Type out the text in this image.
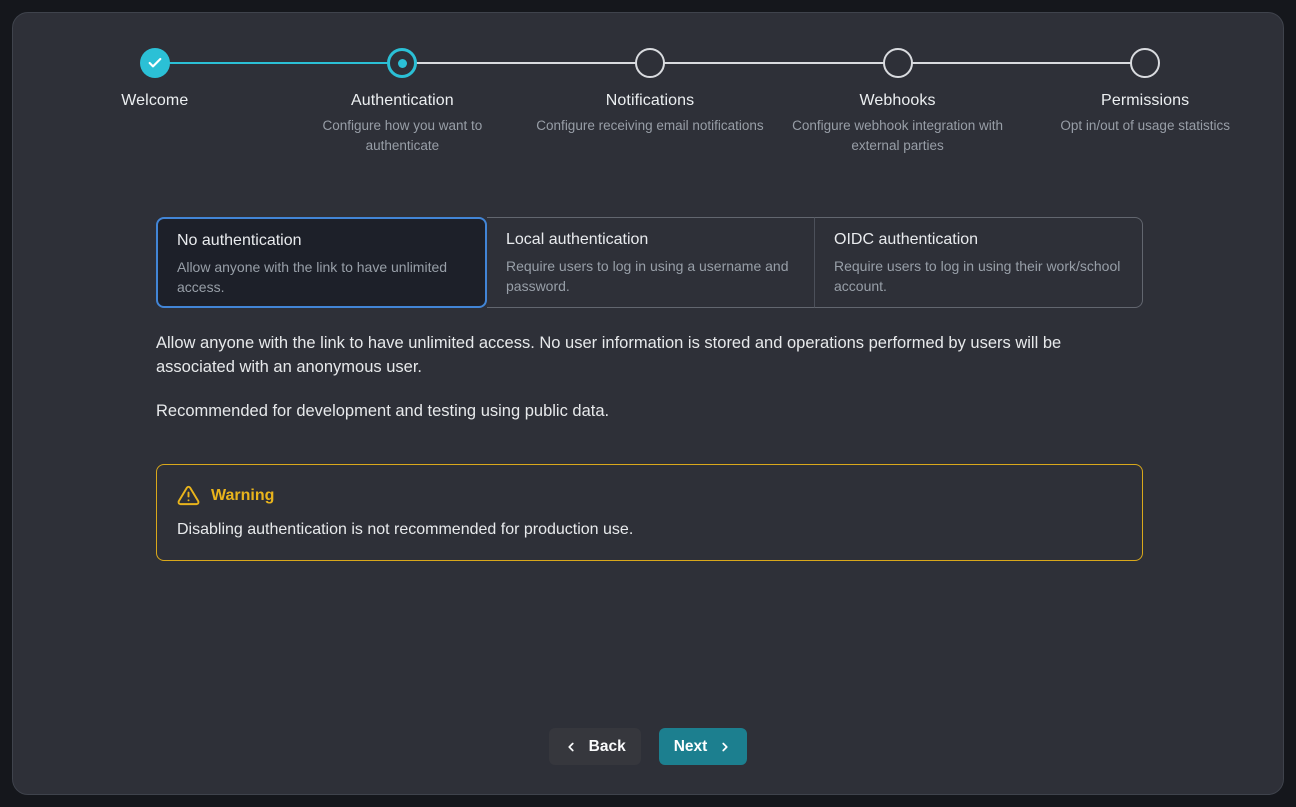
Welcome	Authentication
Configure how you want to authenticate
Notifications
Configure receiving email notifications
Webhooks
Configure webhook integration with external parties
Permissions
Opt in/out of usage statistics
No authentication
Allow anyone with the link to have unlimited access.
Local authentication
Require users to log in using a username and password.
OIDC authentication
Require users to log in using their work/school account.

Allow anyone with the link to have unlimited access. No user information is stored and operations performed by users will be associated with an anonymous user.

Recommended for development and testing using public data.

Warning
Disabling authentication is not recommended for production use.
Back	Next
